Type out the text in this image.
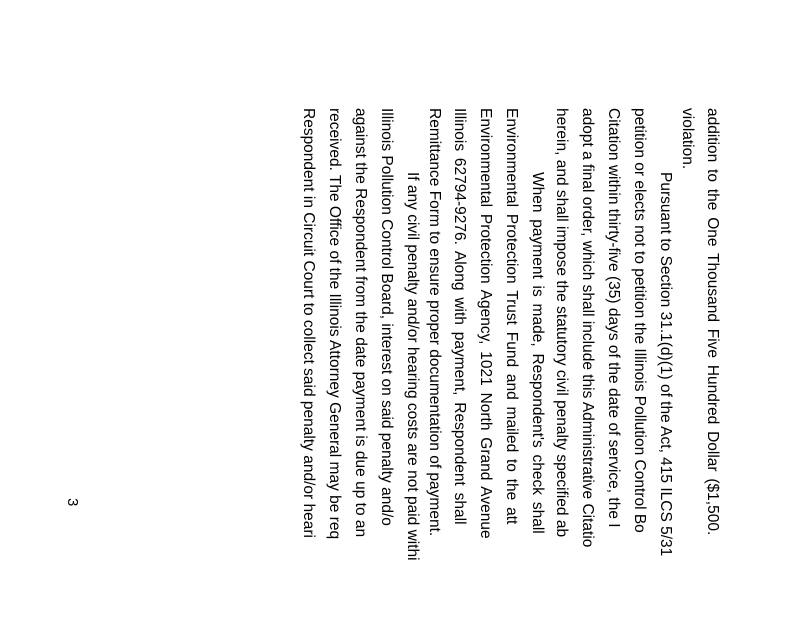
addition to the One Thousand Five Hundred Dollar ($1,500.
violation.
Pursuant to Section 31.1(d)(1) of the Act, 415 ILCS 5/31
petition or elects not to petition the Illinois Pollution Control Bo
Citation within thirty-five (35) days of the date of service, the I
adopt a final order, which shall include this Administrative Citatio
herein, and shall impose the statutory civil penalty specified ab
When payment is made, Respondent's check shall
Environmental Protection Trust Fund and mailed to the att
Environmental Protection Agency, 1021 North Grand Avenue
Illinois 62794-9276. Along with payment, Respondent shall
Remittance Form to ensure proper documentation of payment.
If any civil penalty and/or hearing costs are not paid withi
Illinois Pollution Control Board, interest on said penalty and/o
against the Respondent from the date payment is due up to an
received. The Office of the Illinois Attorney General may be req
Respondent in Circuit Court to collect said penalty and/or heari
3
